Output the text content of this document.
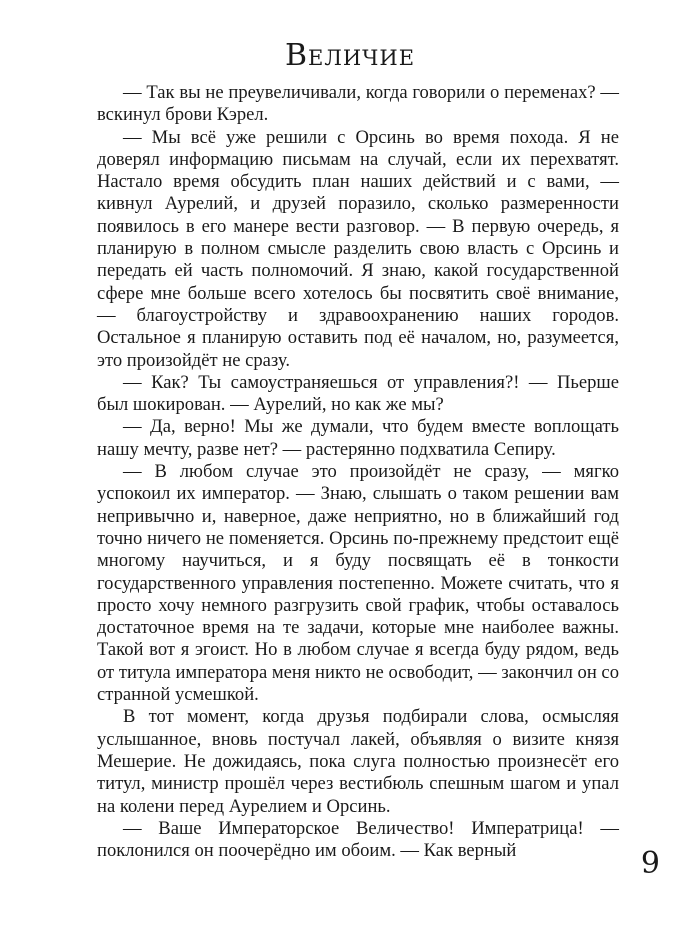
Величие

— Так вы не преувеличивали, когда говорили о переменах? — вскинул брови Кэрел.

— Мы всё уже решили с Орсинь во время похода. Я не доверял информацию письмам на случай, если их перехватят. Настало время обсудить план наших действий и с вами, — кивнул Аурелий, и друзей поразило, сколько размеренности появилось в его манере вести разговор. — В первую очередь, я планирую в полном смысле разделить свою власть с Орсинь и передать ей часть полномочий. Я знаю, какой государственной сфере мне больше всего хотелось бы посвятить своё внимание, — благоустройству и здравоохранению наших городов. Остальное я планирую оставить под её началом, но, разумеется, это произойдёт не сразу.

— Как? Ты самоустраняешься от управления?! — Пьерше был шокирован. — Аурелий, но как же мы?

— Да, верно! Мы же думали, что будем вместе воплощать нашу мечту, разве нет? — растерянно подхватила Сепиру.

— В любом случае это произойдёт не сразу, — мягко успокоил их император. — Знаю, слышать о таком решении вам непривычно и, наверное, даже неприятно, но в ближайший год точно ничего не поменяется. Орсинь по-прежнему предстоит ещё многому научиться, и я буду посвящать её в тонкости государственного управления постепенно. Можете считать, что я просто хочу немного разгрузить свой график, чтобы оставалось достаточное время на те задачи, которые мне наиболее важны. Такой вот я эгоист. Но в любом случае я всегда буду рядом, ведь от титула императора меня никто не освободит, — закончил он со странной усмешкой.

В тот момент, когда друзья подбирали слова, осмысляя услышанное, вновь постучал лакей, объявляя о визите князя Мешерие. Не дожидаясь, пока слуга полностью произнесёт его титул, министр прошёл через вестибюль спешным шагом и упал на колени перед Аурелием и Орсинь.

— Ваше Императорское Величество! Императрица! — поклонился он поочерёдно им обоим. — Как верный	9
